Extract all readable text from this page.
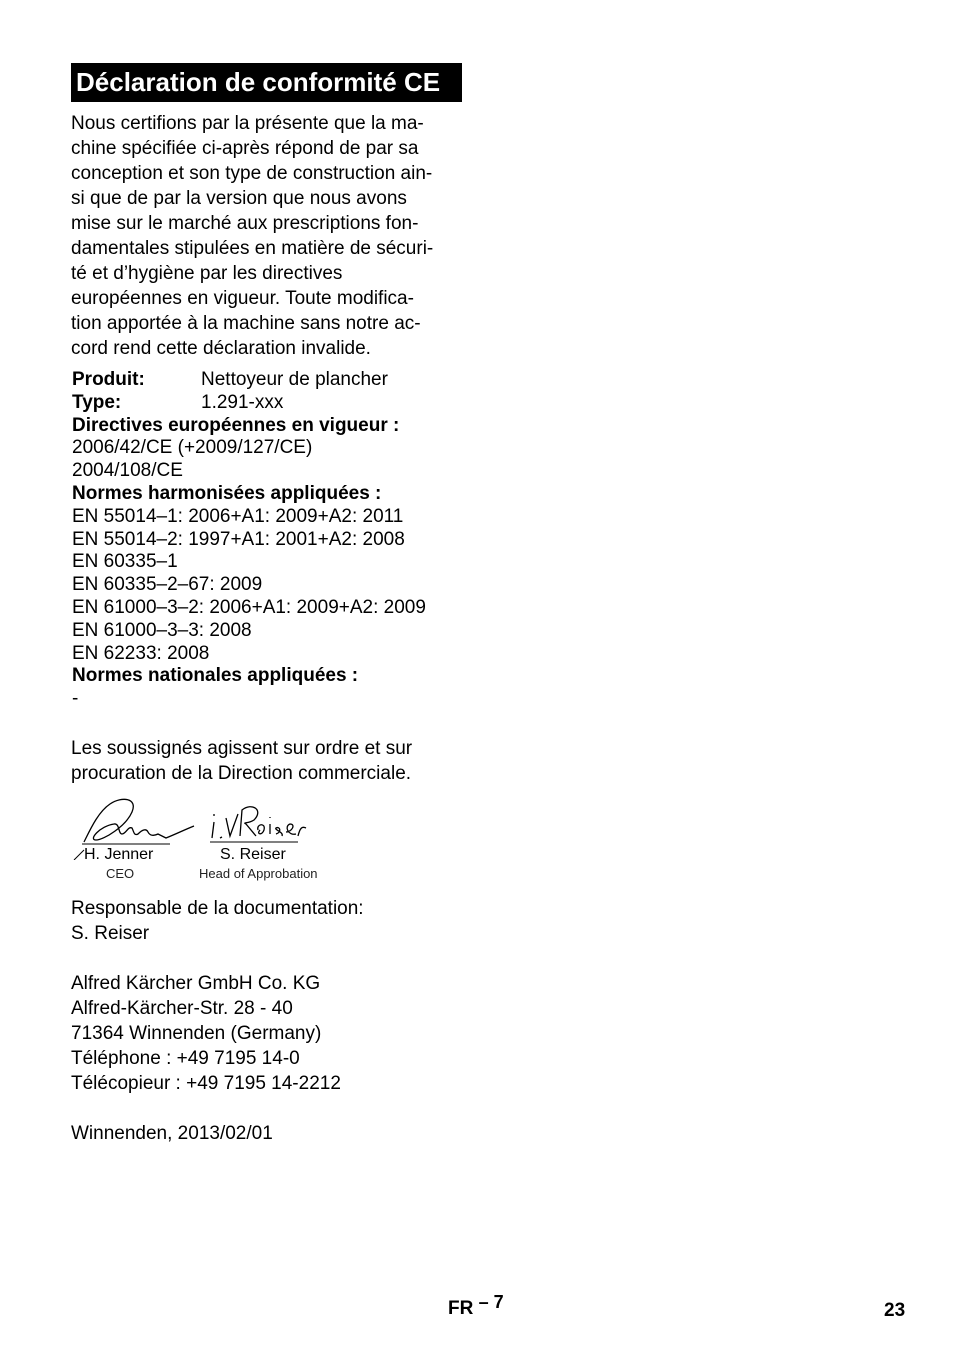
Déclaration de conformité CE
Nous certifions par la présente que la ma-
chine spécifiée ci-après répond de par sa
conception et son type de construction ain-
si que de par la version que nous avons
mise sur le marché aux prescriptions fon-
damentales stipulées en matière de sécuri-
té et d’hygiène par les directives
européennes en vigueur. Toute modifica-
tion apportée à la machine sans notre ac-
cord rend cette déclaration invalide.
Produit:	Nettoyeur de plancher
Type:	1.291-xxx
Directives européennes en vigueur :
2006/42/CE (+2009/127/CE)
2004/108/CE
Normes harmonisées appliquées :
EN 55014–1: 2006+A1: 2009+A2: 2011
EN 55014–2: 1997+A1: 2001+A2: 2008
EN 60335–1
EN 60335–2–67: 2009
EN 61000–3–2: 2006+A1: 2009+A2: 2009
EN 61000–3–3: 2008
EN 62233: 2008
Normes nationales appliquées :
-
Les soussignés agissent sur ordre et sur
procuration de la Direction commerciale.
H. Jenner
CEO
S. Reiser
Head of Approbation
Responsable de la documentation:
S. Reiser
Alfred Kärcher GmbH Co. KG
Alfred-Kärcher-Str. 28 - 40
71364 Winnenden (Germany)
Téléphone : +49 7195 14-0
Télécopieur : +49 7195 14-2212
Winnenden, 2013/02/01
FR – 7	23
